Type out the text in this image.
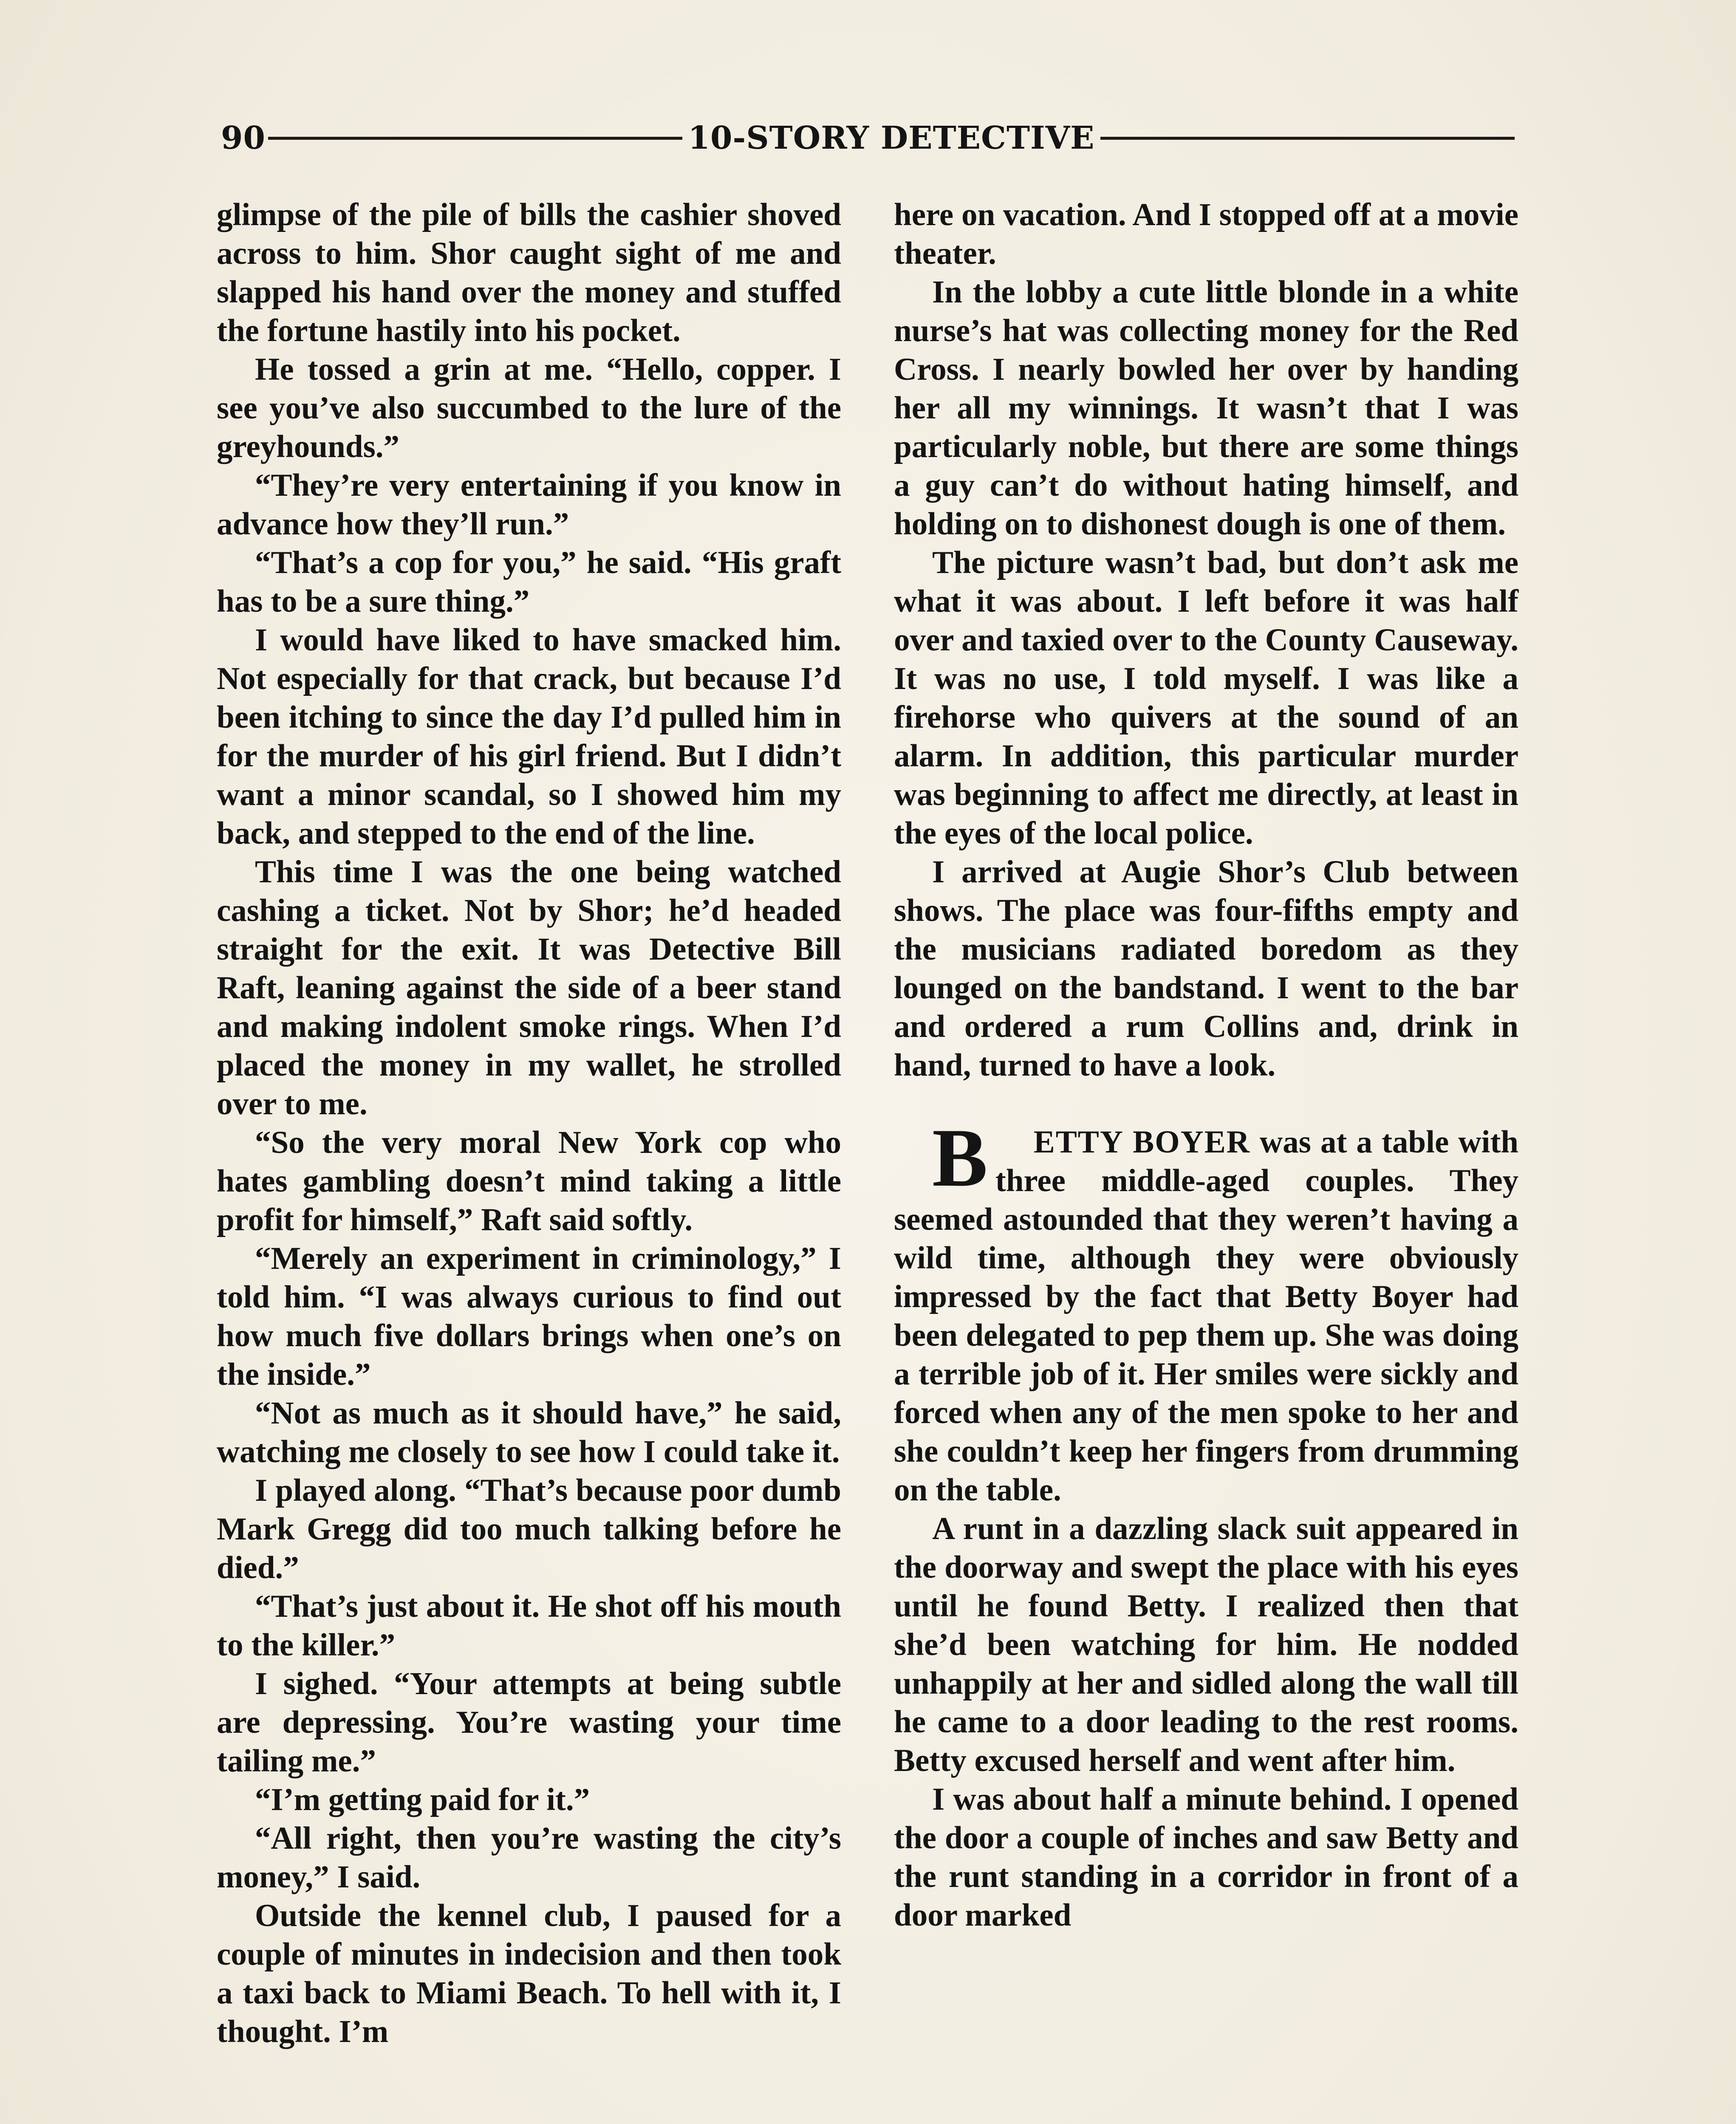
90	10-STORY DETECTIVE

glimpse of the pile of bills the cashier shoved across to him. Shor caught sight of me and slapped his hand over the money and stuffed the fortune hastily into his pocket.

He tossed a grin at me. “Hello, copper. I see you’ve also succumbed to the lure of the greyhounds.”

“They’re very entertaining if you know in advance how they’ll run.”

“That’s a cop for you,” he said. “His graft has to be a sure thing.”

I would have liked to have smacked him. Not especially for that crack, but because I’d been itching to since the day I’d pulled him in for the murder of his girl friend. But I didn’t want a minor scandal, so I showed him my back, and stepped to the end of the line.

This time I was the one being watched cashing a ticket. Not by Shor; he’d headed straight for the exit. It was Detective Bill Raft, leaning against the side of a beer stand and making indolent smoke rings. When I’d placed the money in my wallet, he strolled over to me.

“So the very moral New York cop who hates gambling doesn’t mind taking a little profit for himself,” Raft said softly.

“Merely an experiment in criminology,” I told him. “I was always curious to find out how much five dollars brings when one’s on the inside.”

“Not as much as it should have,” he said, watching me closely to see how I could take it.

I played along. “That’s because poor dumb Mark Gregg did too much talking before he died.”

“That’s just about it. He shot off his mouth to the killer.”

I sighed. “Your attempts at being subtle are depressing. You’re wasting your time tailing me.”

“I’m getting paid for it.”

“All right, then you’re wasting the city’s money,” I said.

Outside the kennel club, I paused for a couple of minutes in indecision and then took a taxi back to Miami Beach. To hell with it, I thought. I’m

here on vacation. And I stopped off at a movie theater.

In the lobby a cute little blonde in a white nurse’s hat was collecting money for the Red Cross. I nearly bowled her over by handing her all my winnings. It wasn’t that I was particularly noble, but there are some things a guy can’t do without hating himself, and holding on to dishonest dough is one of them.

The picture wasn’t bad, but don’t ask me what it was about. I left before it was half over and taxied over to the County Causeway. It was no use, I told myself. I was like a firehorse who quivers at the sound of an alarm. In addition, this particular murder was beginning to affect me directly, at least in the eyes of the local police.

I arrived at Augie Shor’s Club between shows. The place was four-fifths empty and the musicians radiated boredom as they lounged on the bandstand. I went to the bar and ordered a rum Collins and, drink in hand, turned to have a look.

B ETTY BOYER was at a table with three middle-aged couples. They seemed astounded that they weren’t having a wild time, although they were obviously impressed by the fact that Betty Boyer had been delegated to pep them up. She was doing a terrible job of it. Her smiles were sickly and forced when any of the men spoke to her and she couldn’t keep her fingers from drumming on the table.

A runt in a dazzling slack suit appeared in the doorway and swept the place with his eyes until he found Betty. I realized then that she’d been watching for him. He nodded unhappily at her and sidled along the wall till he came to a door leading to the rest rooms. Betty excused herself and went after him.

I was about half a minute behind. I opened the door a couple of inches and saw Betty and the runt standing in a corridor in front of a door marked
